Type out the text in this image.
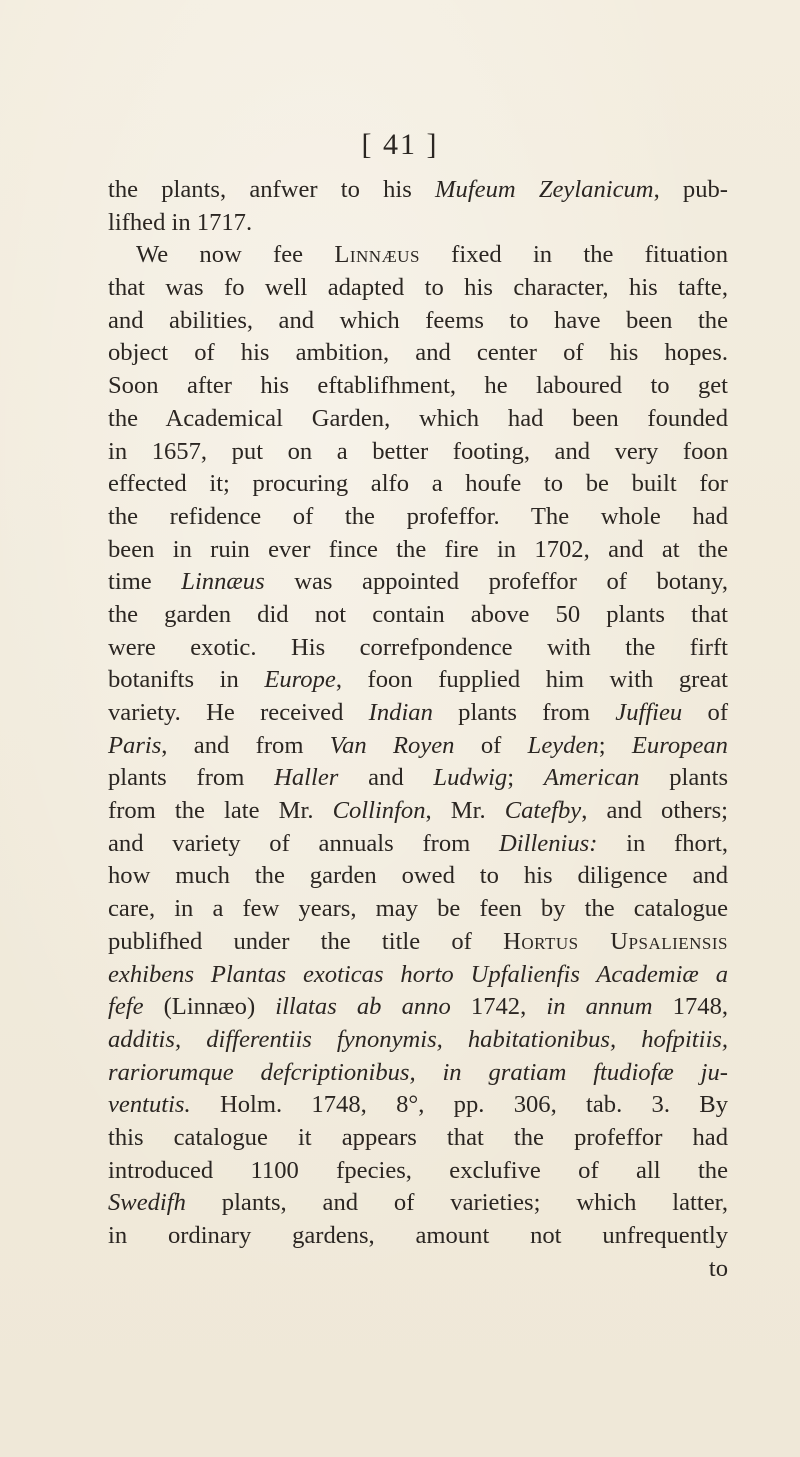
[ 41 ]
the plants, anfwer to his Mufeum Zeylanicum, pub-
lifhed in 1717.
We now fee Linnæus fixed in the fituation
that was fo well adapted to his character, his tafte,
and abilities, and which feems to have been the
object of his ambition, and center of his hopes.
Soon after his eftablifhment, he laboured to get
the Academical Garden, which had been founded
in 1657, put on a better footing, and very foon
effected it; procuring alfo a houfe to be built for
the refidence of the profeffor. The whole had
been in ruin ever fince the fire in 1702, and at the
time Linnæus was appointed profeffor of botany,
the garden did not contain above 50 plants that
were exotic. His correfpondence with the firft
botanifts in Europe, foon fupplied him with great
variety. He received Indian plants from Juffieu of
Paris, and from Van Royen of Leyden; European
plants from Haller and Ludwig; American plants
from the late Mr. Collinfon, Mr. Catefby, and others;
and variety of annuals from Dillenius: in fhort,
how much the garden owed to his diligence and
care, in a few years, may be feen by the catalogue
publifhed under the title of Hortus Upsaliensis
exhibens Plantas exoticas horto Upfalienfis Academiæ a
fefe (Linnæo) illatas ab anno 1742, in annum 1748,
additis, differentiis fynonymis, habitationibus, hofpitiis,
rariorumque defcriptionibus, in gratiam ftudiofæ ju-
ventutis. Holm. 1748, 8°, pp. 306, tab. 3. By
this catalogue it appears that the profeffor had
introduced 1100 fpecies, exclufive of all the
Swedifh plants, and of varieties; which latter,
in ordinary gardens, amount not unfrequently
to
